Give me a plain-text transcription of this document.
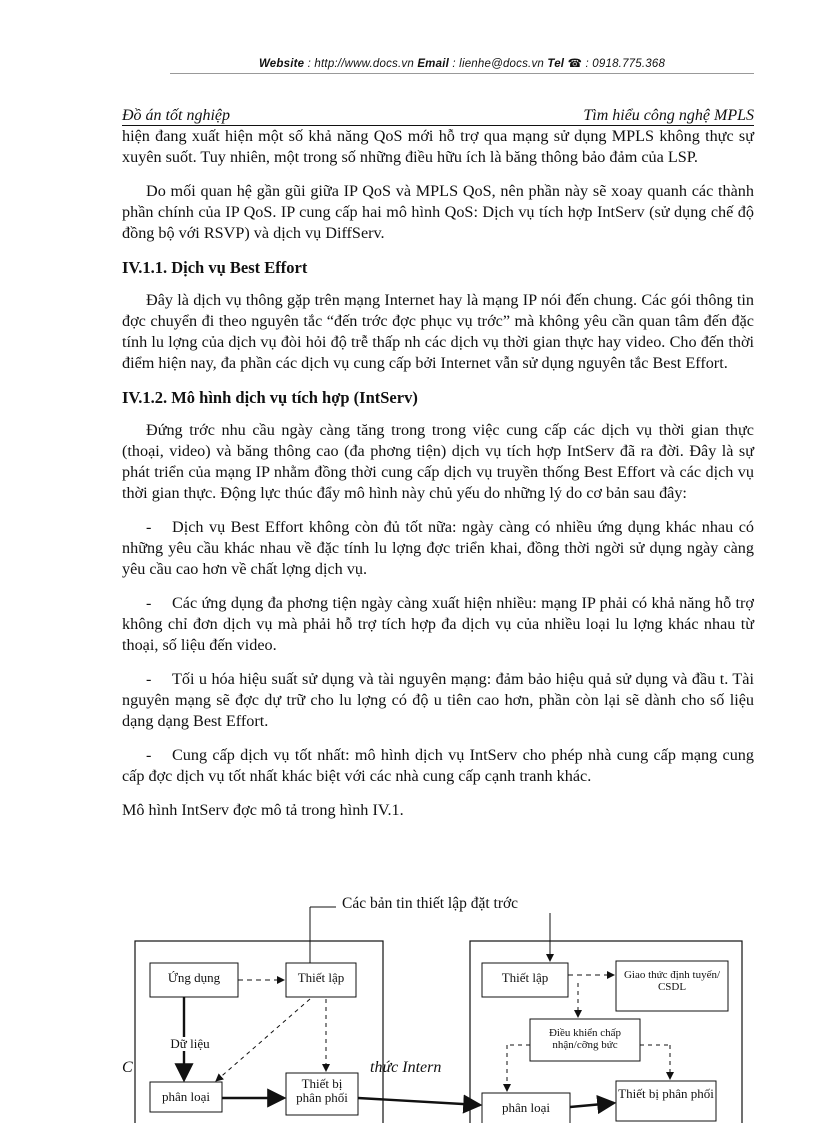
Website : http://www.docs.vn Email : lienhe@docs.vn Tel ☎ : 0918.775.368
Đồ án tốt nghiệp	Tìm hiểu công nghệ MPLS

hiện đang xuất hiện một số khả năng QoS mới hỗ trợ qua mạng sử dụng MPLS không thực sự xuyên suốt. Tuy nhiên, một trong số những điều hữu ích là băng thông bảo đảm của LSP.

Do mối quan hệ gần gũi giữa IP QoS và MPLS QoS, nên phần này sẽ xoay quanh các thành phần chính của IP QoS. IP cung cấp hai mô hình QoS: Dịch vụ tích hợp IntServ (sử dụng chế độ đồng bộ với RSVP) và dịch vụ DiffServ.

IV.1.1. Dịch vụ Best Effort

Đây là dịch vụ thông gặp trên mạng Internet hay là mạng IP nói đến chung. Các gói thông tin đợc chuyển đi theo nguyên tắc “đến trớc đợc phục vụ trớc” mà không yêu cần quan tâm đến đặc tính lu lợng của dịch vụ đòi hỏi độ trễ thấp nh các dịch vụ thời gian thực hay video. Cho đến thời điểm hiện nay, đa phần các dịch vụ cung cấp bởi Internet vẫn sử dụng nguyên tắc Best Effort.

IV.1.2. Mô hình dịch vụ tích hợp (IntServ)

Đứng trớc nhu cầu ngày càng tăng trong trong việc cung cấp các dịch vụ thời gian thực (thoại, video) và băng thông cao (đa phơng tiện) dịch vụ tích hợp IntServ đã ra đời. Đây là sự phát triển của mạng IP nhằm đồng thời cung cấp dịch vụ truyền thống Best Effort và các dịch vụ thời gian thực. Động lực thúc đẩy mô hình này chủ yếu do những lý do cơ bản sau đây:

- Dịch vụ Best Effort không còn đủ tốt nữa: ngày càng có nhiều ứng dụng khác nhau có những yêu cầu khác nhau về đặc tính lu lợng đợc triển khai, đồng thời ngời sử dụng ngày càng yêu cầu cao hơn về chất lợng dịch vụ.

- Các ứng dụng đa phơng tiện ngày càng xuất hiện nhiều: mạng IP phải có khả năng hỗ trợ không chỉ đơn dịch vụ mà phải hỗ trợ tích hợp đa dịch vụ của nhiều loại lu lợng khác nhau từ thoại, số liệu đến video.

- Tối u hóa hiệu suất sử dụng và tài nguyên mạng: đảm bảo hiệu quả sử dụng và đầu t. Tài nguyên mạng sẽ đợc dự trữ cho lu lợng có độ u tiên cao hơn, phần còn lại sẽ dành cho số liệu dạng dạng Best Effort.

- Cung cấp dịch vụ tốt nhất: mô hình dịch vụ IntServ cho phép nhà cung cấp mạng cung cấp đợc dịch vụ tốt nhất khác biệt với các nhà cung cấp cạnh tranh khác.

Mô hình IntServ đợc mô tả trong hình IV.1.

Các bản tin thiết lập đặt trớc
Ứng dụng	Thiết lập
Dữ liệu
phân loại
Thiết bị phân phối
Thiết lập	Giao thức định tuyến/ CSDL
Điều khiển chấp nhận/cỡng bức
phân loại
Thiết bị phân phối
C	thức Intern
